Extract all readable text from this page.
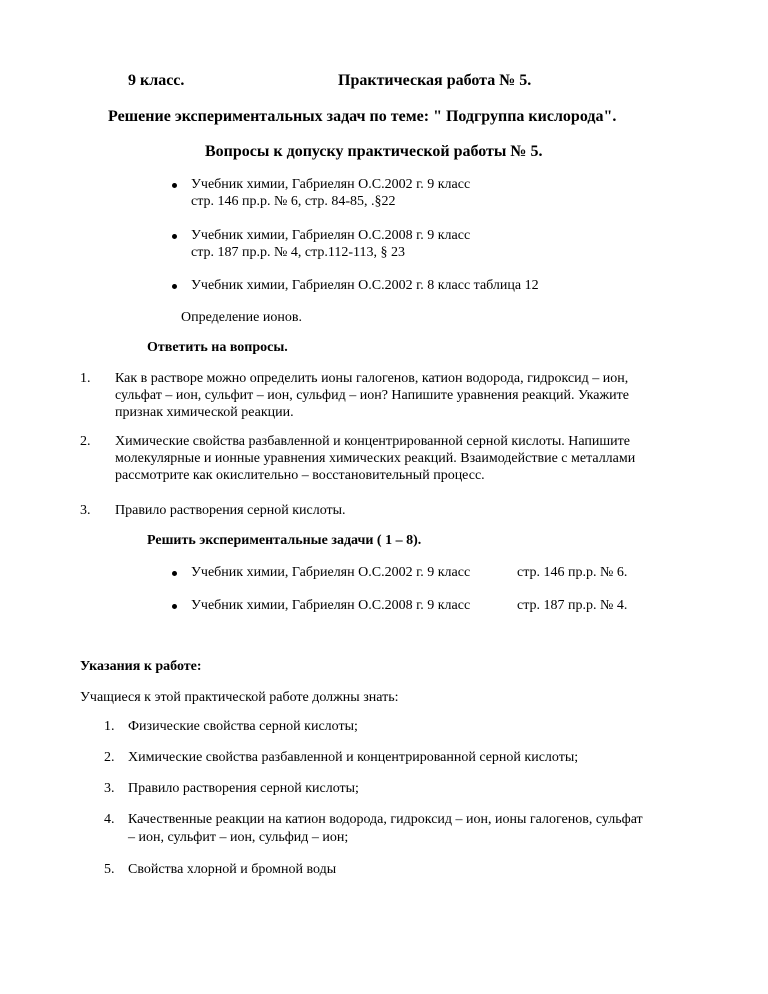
9 класс.	Практическая работа № 5.
Решение экспериментальных задач по теме: " Подгруппа кислорода".
Вопросы к допуску практической работы № 5.
Учебник химии, Габриелян О.С.2002 г. 9 класс
стр. 146 пр.р. № 6, стр. 84-85, .§22
Учебник химии, Габриелян О.С.2008 г. 9 класс
стр. 187 пр.р. № 4, стр.112-113, § 23
Учебник химии, Габриелян О.С.2002 г. 8 класс таблица 12
Определение ионов.
Ответить на вопросы.
1. Как в растворе можно определить ионы галогенов, катион водорода, гидроксид – ион,
сульфат – ион, сульфит – ион, сульфид – ион? Напишите уравнения реакций. Укажите
признак химической реакции.
2. Химические свойства разбавленной и концентрированной серной кислоты. Напишите
молекулярные и ионные уравнения химических реакций. Взаимодействие с металлами
рассмотрите как окислительно – восстановительный процесс.
3. Правило растворения серной кислоты.
Решить экспериментальные задачи ( 1 – 8).
Учебник химии, Габриелян О.С.2002 г. 9 класс	стр. 146 пр.р. № 6.
Учебник химии, Габриелян О.С.2008 г. 9 класс	стр. 187 пр.р. № 4.
Указания к работе:
Учащиеся к этой практической работе должны знать:
1. Физические свойства серной кислоты;
2. Химические свойства разбавленной и концентрированной серной кислоты;
3. Правило растворения серной кислоты;
4. Качественные реакции на катион водорода, гидроксид – ион, ионы галогенов, сульфат
– ион, сульфит – ион, сульфид – ион;
5. Свойства хлорной и бромной воды
